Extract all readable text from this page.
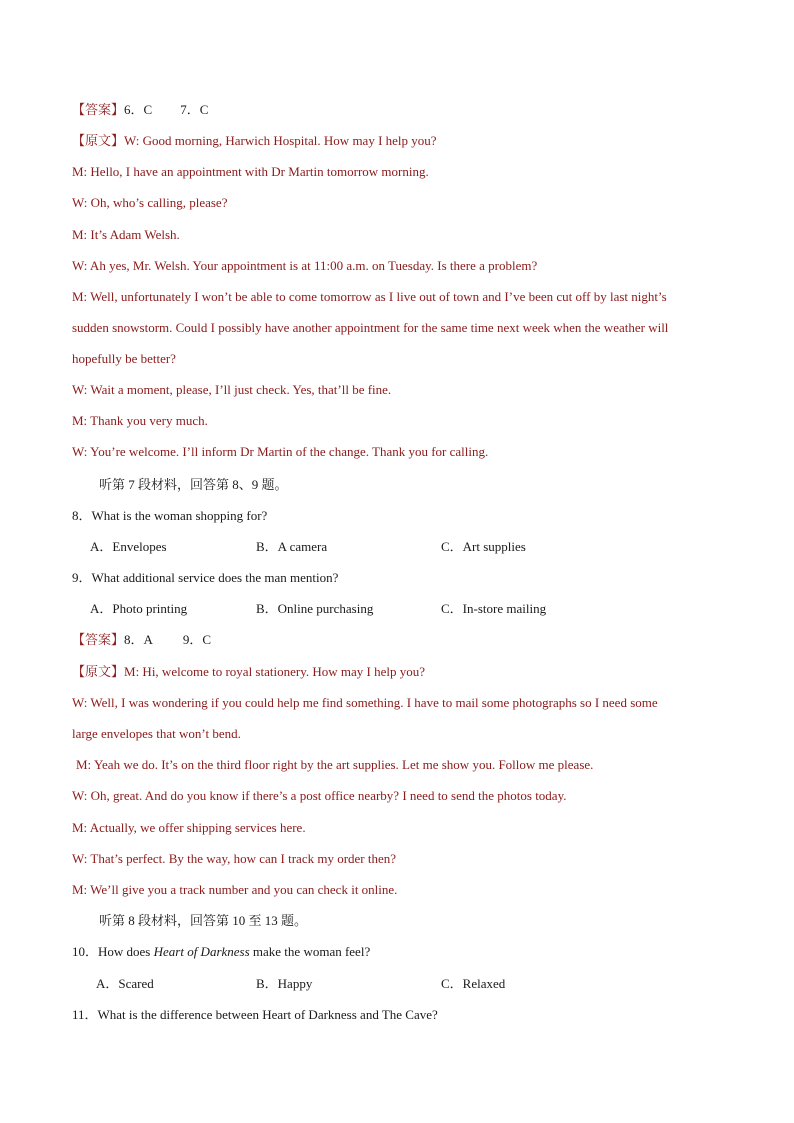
【答案】6．C 7．C
【原文】W: Good morning, Harwich Hospital. How may I help you?
M: Hello, I have an appointment with Dr Martin tomorrow morning.
W: Oh, who’s calling, please?
M: It’s Adam Welsh.
W: Ah yes, Mr. Welsh. Your appointment is at 11:00 a.m. on Tuesday. Is there a problem?
M: Well, unfortunately I won’t be able to come tomorrow as I live out of town and I’ve been cut off by last night’s
sudden snowstorm. Could I possibly have another appointment for the same time next week when the weather will
hopefully be better?
W: Wait a moment, please, I’ll just check. Yes, that’ll be fine.
M: Thank you very much.
W: You’re welcome. I’ll inform Dr Martin of the change. Thank you for calling.
听第 7 段材料，回答第 8、9 题。
8．What is the woman shopping for?
A．Envelopes	B．A camera	C．Art supplies
9．What additional service does the man mention?
A．Photo printing	B．Online purchasing	C．In-store mailing
【答案】8．A 9．C
【原文】M: Hi, welcome to royal stationery. How may I help you?
W: Well, I was wondering if you could help me find something. I have to mail some photographs so I need some
large envelopes that won’t bend.
M: Yeah we do. It’s on the third floor right by the art supplies. Let me show you. Follow me please.
W: Oh, great. And do you know if there’s a post office nearby? I need to send the photos today.
M: Actually, we offer shipping services here.
W: That’s perfect. By the way, how can I track my order then?
M: We’ll give you a track number and you can check it online.
听第 8 段材料，回答第 10 至 13 题。
10．How does Heart of Darkness make the woman feel?
A．Scared	B．Happy	C．Relaxed
11．What is the difference between Heart of Darkness and The Cave?
